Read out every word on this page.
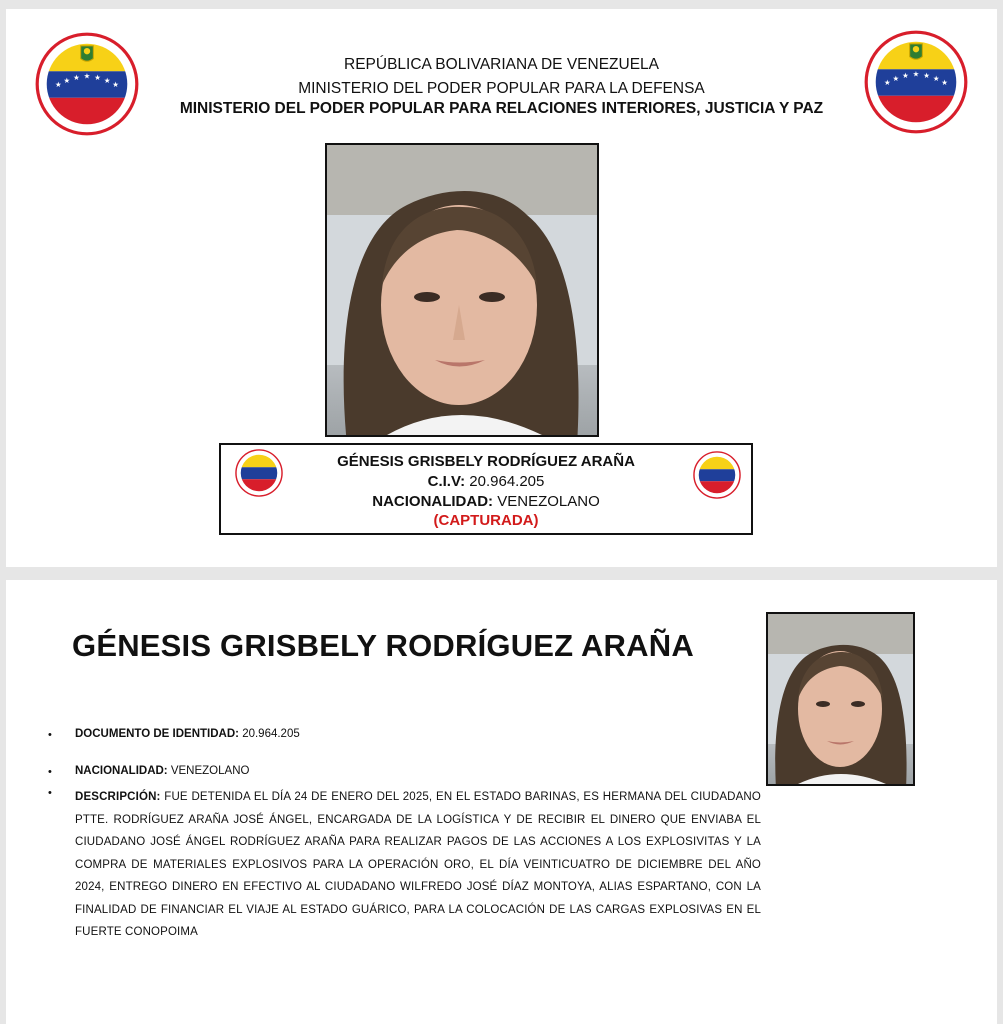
★ ★ ★ ★ ★ ★ ★	★ ★ ★ ★ ★ ★ ★
REPÚBLICA BOLIVARIANA DE VENEZUELA
MINISTERIO DEL PODER POPULAR PARA LA DEFENSA
MINISTERIO DEL PODER POPULAR PARA RELACIONES INTERIORES, JUSTICIA Y PAZ
GÉNESIS GRISBELY RODRÍGUEZ ARAÑA
C.I.V: 20.964.205
NACIONALIDAD: VENEZOLANO
(CAPTURADA)
GÉNESIS GRISBELY RODRÍGUEZ ARAÑA
• DOCUMENTO DE IDENTIDAD: 20.964.205
• NACIONALIDAD: VENEZOLANO
• DESCRIPCIÓN: FUE DETENIDA EL DÍA 24 DE ENERO DEL 2025, EN EL ESTADO BARINAS, ES HERMANA DEL CIUDADANO PTTE. RODRÍGUEZ ARAÑA JOSÉ ÁNGEL, ENCARGADA DE LA LOGÍSTICA Y DE RECIBIR EL DINERO QUE ENVIABA EL CIUDADANO JOSÉ ÁNGEL RODRÍGUEZ ARAÑA PARA REALIZAR PAGOS DE LAS ACCIONES A LOS EXPLOSIVITAS Y LA COMPRA DE MATERIALES EXPLOSIVOS PARA LA OPERACIÓN ORO, EL DÍA VEINTICUATRO DE DICIEMBRE DEL AÑO 2024, ENTREGO DINERO EN EFECTIVO AL CIUDADANO WILFREDO JOSÉ DÍAZ MONTOYA, ALIAS ESPARTANO, CON LA FINALIDAD DE FINANCIAR EL VIAJE AL ESTADO GUÁRICO, PARA LA COLOCACIÓN DE LAS CARGAS EXPLOSIVAS EN EL FUERTE CONOPOIMA
